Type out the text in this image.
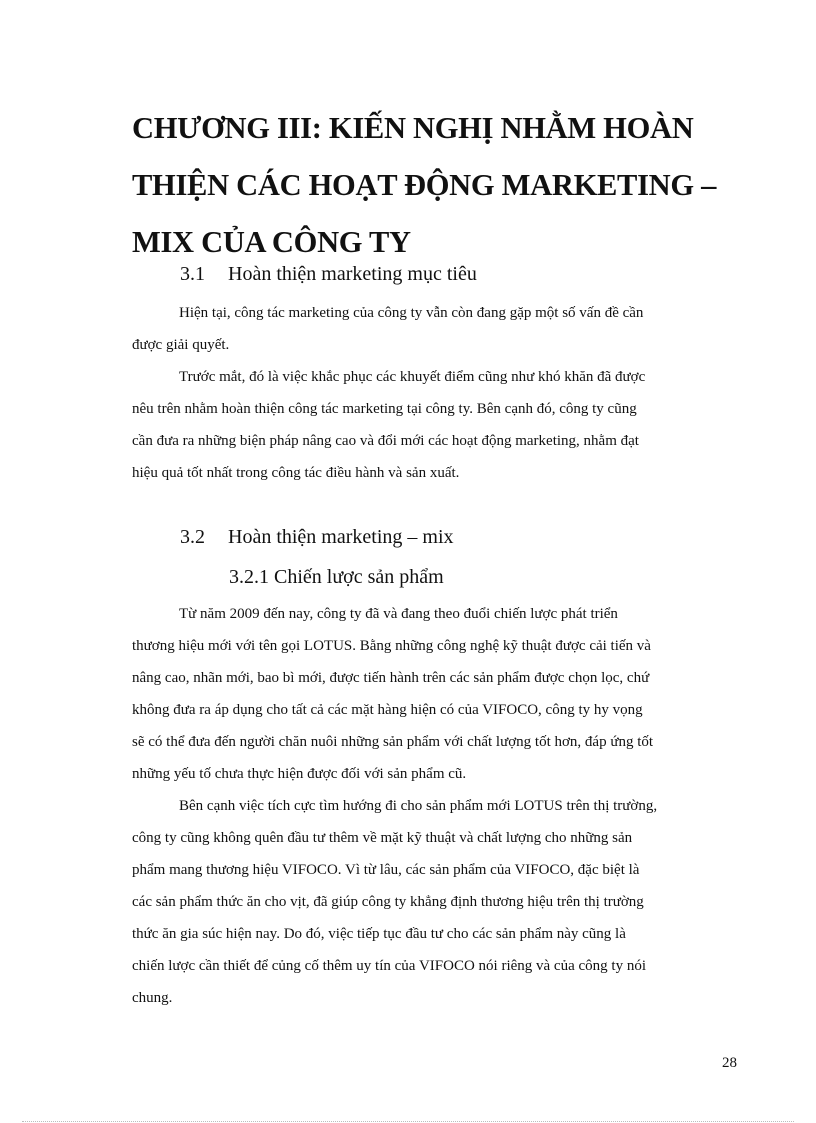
CHƯƠNG III: KIẾN NGHỊ NHẰM HOÀN
THIỆN CÁC HOẠT ĐỘNG MARKETING –
MIX CỦA CÔNG TY
3.1 Hoàn thiện marketing mục tiêu

Hiện tại, công tác marketing của công ty vẫn còn đang gặp một số vấn đề cần
được giải quyết.

Trước mắt, đó là việc khắc phục các khuyết điểm cũng như khó khăn đã được
nêu trên nhằm hoàn thiện công tác marketing tại công ty. Bên cạnh đó, công ty cũng
cần đưa ra những biện pháp nâng cao và đổi mới các hoạt động marketing, nhằm đạt
hiệu quả tốt nhất trong công tác điều hành và sản xuất.

3.2 Hoàn thiện marketing – mix
3.2.1 Chiến lược sản phẩm

Từ năm 2009 đến nay, công ty đã và đang theo đuổi chiến lược phát triển
thương hiệu mới với tên gọi LOTUS. Bằng những công nghệ kỹ thuật được cải tiến và
nâng cao, nhãn mới, bao bì mới, được tiến hành trên các sản phẩm được chọn lọc, chứ
không đưa ra áp dụng cho tất cả các mặt hàng hiện có của VIFOCO, công ty hy vọng
sẽ có thể đưa đến người chăn nuôi những sản phẩm với chất lượng tốt hơn, đáp ứng tốt
những yếu tố chưa thực hiện được đối với sản phẩm cũ.

Bên cạnh việc tích cực tìm hướng đi cho sản phẩm mới LOTUS trên thị trường,
công ty cũng không quên đầu tư thêm về mặt kỹ thuật và chất lượng cho những sản
phẩm mang thương hiệu VIFOCO. Vì từ lâu, các sản phẩm của VIFOCO, đặc biệt là
các sản phẩm thức ăn cho vịt, đã giúp công ty khẳng định thương hiệu trên thị trường
thức ăn gia súc hiện nay. Do đó, việc tiếp tục đầu tư cho các sản phẩm này cũng là
chiến lược cần thiết để củng cố thêm uy tín của VIFOCO nói riêng và của công ty nói
chung.

28
